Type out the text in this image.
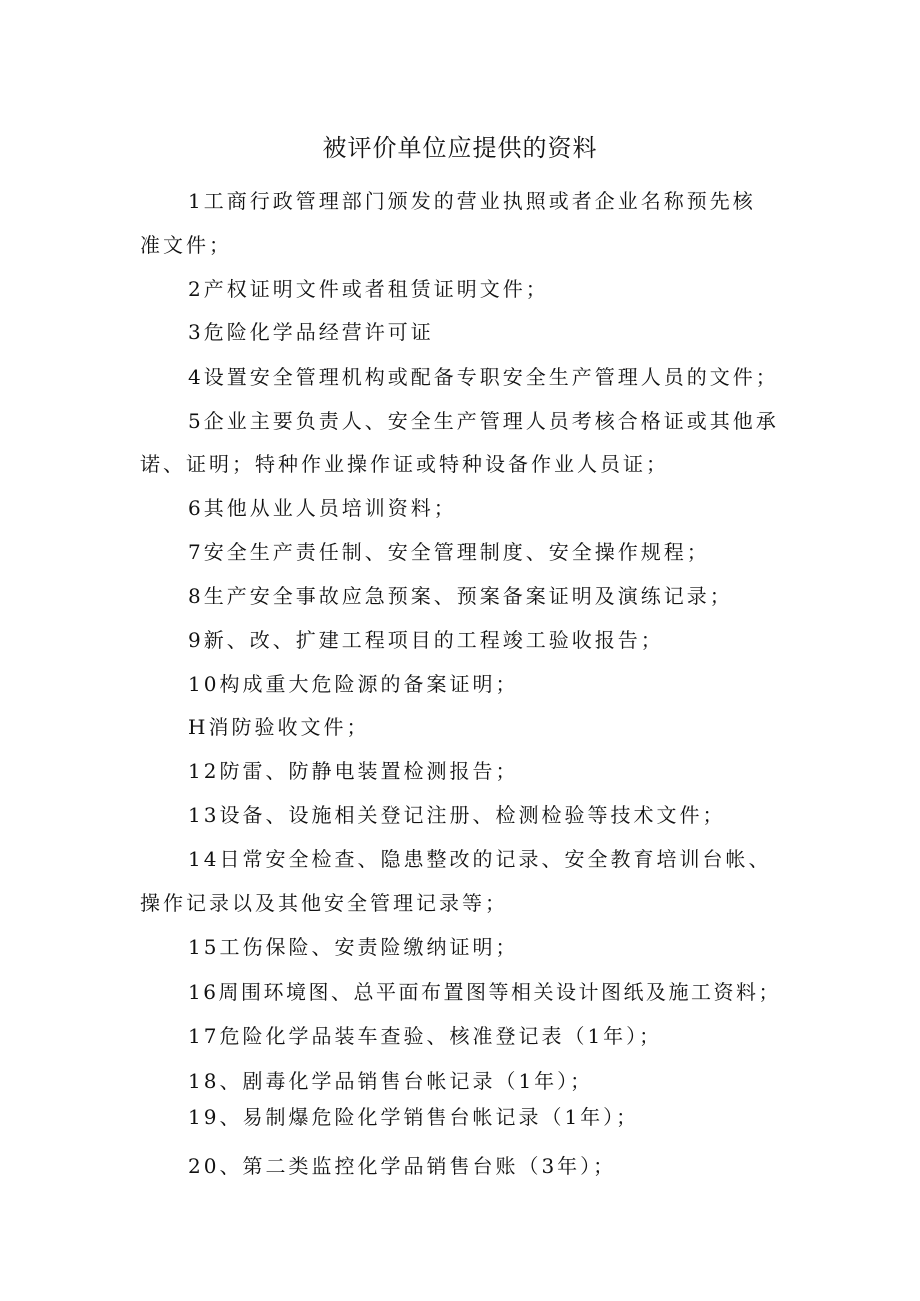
被评价单位应提供的资料
1工商行政管理部门颁发的营业执照或者企业名称预先核
准文件；
2产权证明文件或者租赁证明文件；
3危险化学品经营许可证
4设置安全管理机构或配备专职安全生产管理人员的文件；
5企业主要负责人、安全生产管理人员考核合格证或其他承
诺、证明；特种作业操作证或特种设备作业人员证；
6其他从业人员培训资料；
7安全生产责任制、安全管理制度、安全操作规程；
8生产安全事故应急预案、预案备案证明及演练记录；
9新、改、扩建工程项目的工程竣工验收报告；
10构成重大危险源的备案证明；
H消防验收文件；
12防雷、防静电装置检测报告；
13设备、设施相关登记注册、检测检验等技术文件；
14日常安全检查、隐患整改的记录、安全教育培训台帐、
操作记录以及其他安全管理记录等；
15工伤保险、安责险缴纳证明；
16周围环境图、总平面布置图等相关设计图纸及施工资料；
17危险化学品装车查验、核准登记表（1年）；
18、剧毒化学品销售台帐记录（1年）；
19、易制爆危险化学销售台帐记录（1年）；
20、第二类监控化学品销售台账（3年）；
